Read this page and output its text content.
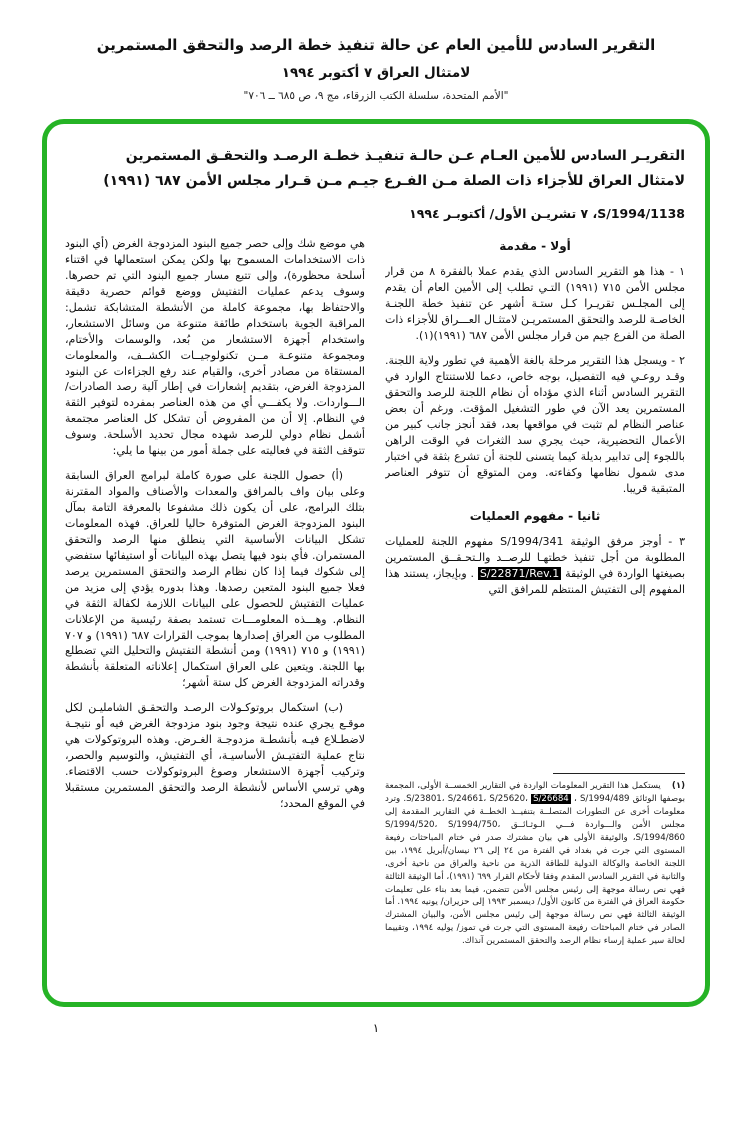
التقرير السادس للأمين العام عن حالة تنفيذ خطة الرصد والتحقق المستمرين
لامتثال العراق ٧ أكتوبر ١٩٩٤
"الأمم المتحدة، سلسلة الكتب الزرقاء، مج ٩، ص ٦٨٥ ــ ٧٠٦"
التقريـر السادس للأمين العـام عـن حالـة تنفيـذ خطـة الرصـد والتحقـق المستمرين لامتثال العراق للأجزاء ذات الصلة مـن الفـرع جيـم مـن قـرار مجلس الأمن ٦٨٧ (١٩٩١)
S/1994/1138، ٧ تشريـن الأول/ أكتوبـر ١٩٩٤
أولا - مقدمة

١ - هذا هو التقرير السادس الذي يقدم عملا بالفقرة ٨ من قرار مجلس الأمن ٧١٥ (١٩٩١) التـي تطلب إلى الأمين العام أن يقدم إلى المجلـس تقريـرا كـل ستـة أشهر عن تنفيذ خطة اللجنـة الخاصـة للرصد والتحقق المستمريـن لامتثـال العـــراق للأجزاء ذات الصلة من الفرع جيم من قرار مجلس الأمن ٦٨٧ (١٩٩١)(١).

٢ - ويسجل هذا التقرير مرحلة بالغة الأهمية في تطور ولاية اللجنة. وقـد روعـي فيه التفصيل، بوجه خاص، دعما للاستنتاج الوارد في التقرير السادس أثناء الذي مؤداه أن نظام اللجنة للرصد والتحقق المستمرين يعد الآن في طور التشغيل المؤقت. ورغم أن بعض عناصر النظام لم تثبت في مواقعها بعد، فقد أنجز جانب كبير من الأعمال التحضيرية، حيث يجري سد الثغرات في الوقت الراهن باللجوء إلى تدابير بديلة كيما يتسنى للجنة أن تشرع بثقة في اختبار مدى شمول نظامها وكفاءته. ومن المتوقع أن تتوفر العناصر المتبقية قريبا.

ثانيا - مفهوم العمليات

٣ - أوجز مرفق الوثيقة S/1994/341 مفهوم اللجنة للعمليات المطلوبة من أجل تنفيذ خطتهـا للرصــد والـتحـقــق المستمرين بصيغتها الواردة في الوثيقة S/22871/Rev.1 . وبإيجاز، يستند هذا المفهوم إلى التفتيش المنتظم للمرافق التي

(١) يستكمل هذا التقرير المعلومات الواردة في التقارير الخمســة الأولى، المجمعة بوصفها الوثائق S/23801، S/24661، S/25620، S/26684 ، S/1994/489. وترد معلومات أخرى عن التطورات المتصلــة بتنفيــذ الخطــة في التقارير المقدمة إلى مجلس الأمن والـــواردة فـــي الـوثـائــق S/1994/520، S/1994/750، S/1994/860، والوثيقة الأولى هي بيان مشترك صدر في ختام المباحثات رفيعة المستوى التي جرت في بغداد في الفترة من ٢٤ إلى ٢٦ نيسان/أبريل ١٩٩٤، بين اللجنة الخاصة والوكالة الدولية للطاقة الذرية من ناحية والعراق من ناحية أخرى، والثانية في التقرير السادس المقدم وفقا لأحكام القرار ٦٩٩ (١٩٩١)، أما الوثيقة الثالثة فهي نص رسالة موجهة إلى رئيس مجلس الأمن تتضمن، فيما بعد بناء على تعليمات حكومة العراق في الفترة من كانون الأول/ ديسمبر ١٩٩٣ إلى حزيران/ يونيه ١٩٩٤. أما الوثيقة الثالثة فهي نص رسالة موجهة إلى رئيس مجلس الأمن، والبيان المشترك الصادر في ختام المباحثات رفيعة المستوى التي جرت في تموز/ يوليه ١٩٩٤، وتقييما لحالة سير عملية إرساء نظام الرصد والتحقق المستمرين آنذاك.

هي موضع شك وإلى حصر جميع البنود المزدوجة الغرض (أي البنود ذات الاستخدامات المسموح بها ولكن يمكن استعمالها في اقتناء أسلحة محظورة)، وإلى تتبع مسار جميع البنود التي تم حصرها. وسوف يدعم عمليات التفتيش ووضع قوائم حصرية دقيقة والاحتفاظ بها، مجموعة كاملة من الأنشطة المتشابكة تشمل: المراقبة الجوية باستخدام طائفة متنوعة من وسائل الاستشعار، واستخدام أجهزة الاستشعار من بُعد، والوسمات والأختام، ومجموعة متنوعـة مــن تكنولوجيــات الكشــف، والمعلومات المستقاة من مصادر أخرى، والقيام عند رفع الجزاءات عن البنود المزدوجة الغرض، بتقديم إشعارات في إطار آلية رصد الصادرات/الـــواردات. ولا يكفـــي أي من هذه العناصر بمفرده لتوفير الثقة في النظام. إلا أن من المفروض أن تشكل كل العناصر مجتمعة أشمل نظام دولي للرصد شهده مجال تحديد الأسلحة. وسوف تتوقف الثقة في فعاليته على جملة أمور من بينها ما يلي:

(أ) حصول اللجنة على صورة كاملة لبرامج العراق السابقة وعلى بيان واف بالمرافق والمعدات والأصناف والمواد المقترنة بتلك البرامج، على أن يكون ذلك مشفوعا بالمعرفة التامة بمآل البنود المزدوجة الغرض المتوفرة حاليا للعراق. فهذه المعلومات تشكل البيانات الأساسية التي ينطلق منها الرصد والتحقق المستمران. فأي بنود فيها يتصل بهذه البيانات أو استيفائها ستفضي إلى شكوك فيما إذا كان نظام الرصد والتحقق المستمرين يرصد فعلا جميع البنود المتعين رصدها. وهذا بدوره يؤدي إلى مزيد من عمليات التفتيش للحصول على البيانات اللازمة لكفالة الثقة في النظام. وهـــذه المعلومـــات تستمد بصفة رئيسية من الإعلانات المطلوب من العراق إصدارها بموجب القرارات ٦٨٧ (١٩٩١) و ٧٠٧ (١٩٩١) و ٧١٥ (١٩٩١) ومن أنشطة التفتيش والتحليل التي تضطلع بها اللجنة. ويتعين على العراق استكمال إعلاناته المتعلقة بأنشطة وقدراته المزدوجة الغرض كل ستة أشهر؛

(ب) استكمال بروتوكـولات الرصـد والتحقـق الشامليـن لكل موقـع يجري عنده نتيجة وجود بنود مزدوجة الغرض فيه أو نتيجـة لاضطـلاع فيـه بأنشطـة مزدوجـة الغـرض. وهذه البروتوكولات هي نتاج عملية التفتيـش الأساسيـة، أي التفتيش، والتوسيم والحصر، وتركيب أجهزة الاستشعار وصوغ البروتوكولات حسب الاقتضاء. وهي ترسي الأساس لأنشطة الرصد والتحقق المستمرين مستقبلا في الموقع المحدد؛

١
